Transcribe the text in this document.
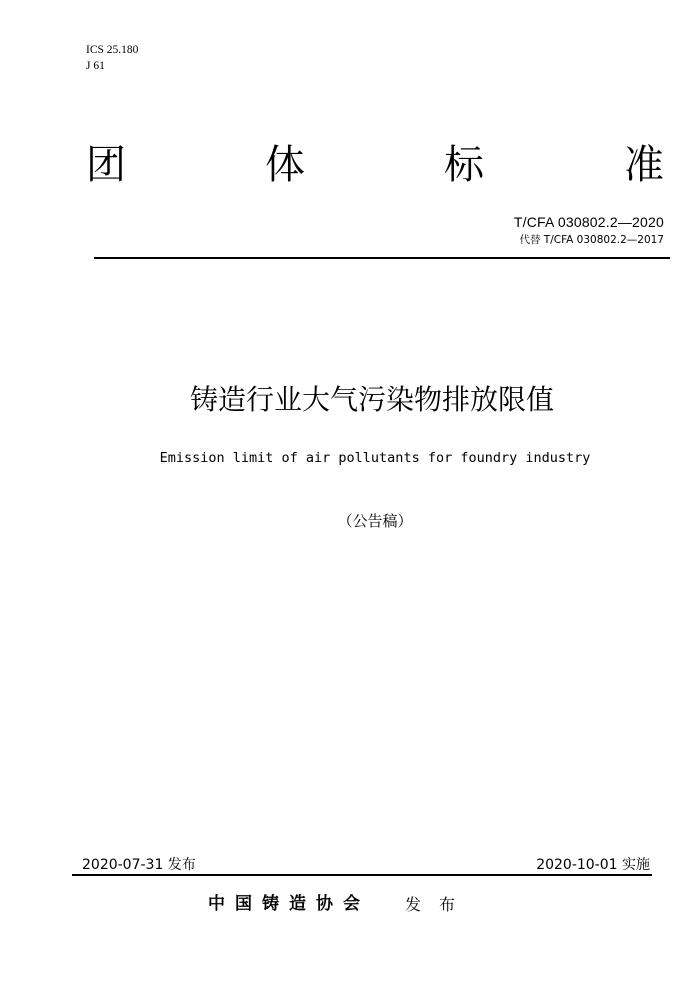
ICS 25.180
J 61
团	体	标	准
T/CFA 030802.2—2020
代替 T/CFA 030802.2—2017
铸造行业大气污染物排放限值
Emission limit of air pollutants for foundry industry
（公告稿）
2020-07-31 发布	2020-10-01 实施
中国铸造协会 发布
